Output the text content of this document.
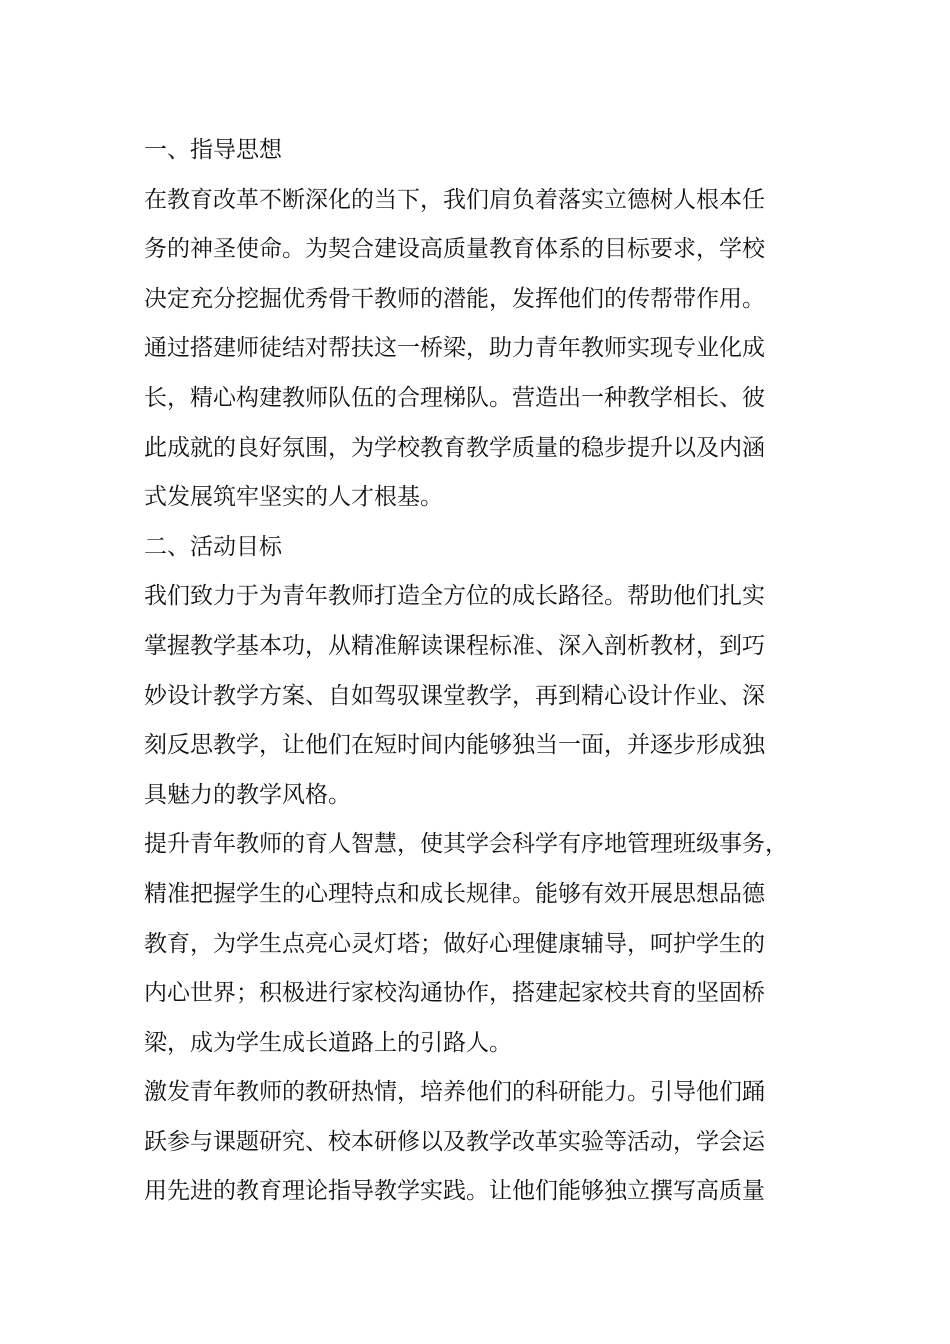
一、指导思想
在教育改革不断深化的当下，我们肩负着落实立德树人根本任
务的神圣使命。为契合建设高质量教育体系的目标要求，学校
决定充分挖掘优秀骨干教师的潜能，发挥他们的传帮带作用。
通过搭建师徒结对帮扶这一桥梁，助力青年教师实现专业化成
长，精心构建教师队伍的合理梯队。营造出一种教学相长、彼
此成就的良好氛围，为学校教育教学质量的稳步提升以及内涵
式发展筑牢坚实的人才根基。
二、活动目标
我们致力于为青年教师打造全方位的成长路径。帮助他们扎实
掌握教学基本功，从精准解读课程标准、深入剖析教材，到巧
妙设计教学方案、自如驾驭课堂教学，再到精心设计作业、深
刻反思教学，让他们在短时间内能够独当一面，并逐步形成独
具魅力的教学风格。
提升青年教师的育人智慧，使其学会科学有序地管理班级事务，
精准把握学生的心理特点和成长规律。能够有效开展思想品德
教育，为学生点亮心灵灯塔；做好心理健康辅导，呵护学生的
内心世界；积极进行家校沟通协作，搭建起家校共育的坚固桥
梁，成为学生成长道路上的引路人。
激发青年教师的教研热情，培养他们的科研能力。引导他们踊
跃参与课题研究、校本研修以及教学改革实验等活动，学会运
用先进的教育理论指导教学实践。让他们能够独立撰写高质量
